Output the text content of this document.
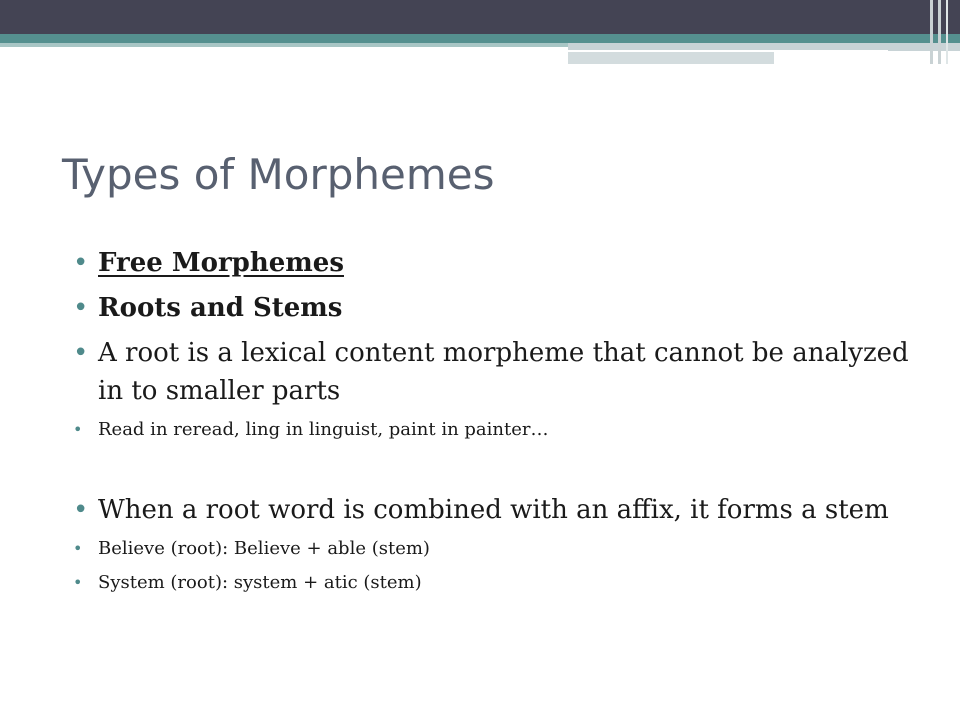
Types of Morphemes
• Free Morphemes
• Roots and Stems
• A root is a lexical content morpheme that cannot be analyzed in to smaller parts
• Read in reread, ling in linguist, paint in painter…
• When a root word is combined with an affix, it forms a stem
• Believe (root): Believe + able (stem)
• System (root): system + atic (stem)
